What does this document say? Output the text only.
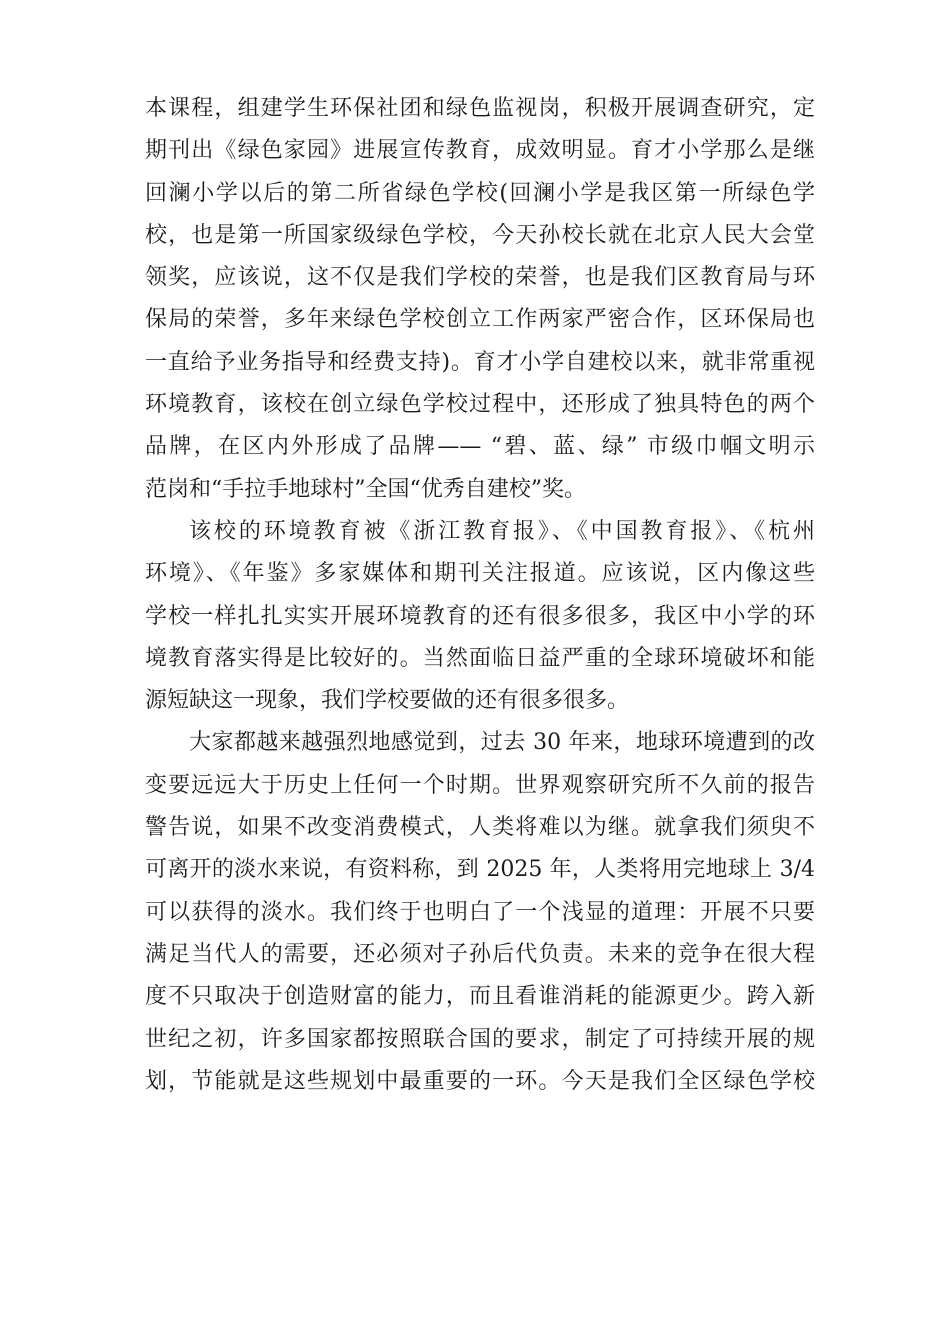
本课程，组建学生环保社团和绿色监视岗，积极开展调查研究，定
期刊出《绿色家园》进展宣传教育，成效明显。育才小学那么是继
回澜小学以后的第二所省绿色学校(回澜小学是我区第一所绿色学
校，也是第一所国家级绿色学校，今天孙校长就在北京人民大会堂
领奖，应该说，这不仅是我们学校的荣誉，也是我们区教育局与环
保局的荣誉，多年来绿色学校创立工作两家严密合作，区环保局也
一直给予业务指导和经费支持)。育才小学自建校以来，就非常重视
环境教育，该校在创立绿色学校过程中，还形成了独具特色的两个
品牌，在区内外形成了品牌—— “碧、蓝、绿” 市级巾帼文明示
范岗和“手拉手地球村”全国“优秀自建校”奖。
该校的环境教育被《浙江教育报》、《中国教育报》、《杭州
环境》、《年鉴》多家媒体和期刊关注报道。应该说，区内像这些
学校一样扎扎实实开展环境教育的还有很多很多，我区中小学的环
境教育落实得是比较好的。当然面临日益严重的全球环境破坏和能
源短缺这一现象，我们学校要做的还有很多很多。
大家都越来越强烈地感觉到，过去 30 年来，地球环境遭到的改
变要远远大于历史上任何一个时期。世界观察研究所不久前的报告
警告说，如果不改变消费模式，人类将难以为继。就拿我们须臾不
可离开的淡水来说，有资料称，到 2025 年，人类将用完地球上 3/4
可以获得的淡水。我们终于也明白了一个浅显的道理：开展不只要
满足当代人的需要，还必须对子孙后代负责。未来的竞争在很大程
度不只取决于创造财富的能力，而且看谁消耗的能源更少。跨入新
世纪之初，许多国家都按照联合国的要求，制定了可持续开展的规
划，节能就是这些规划中最重要的一环。今天是我们全区绿色学校
